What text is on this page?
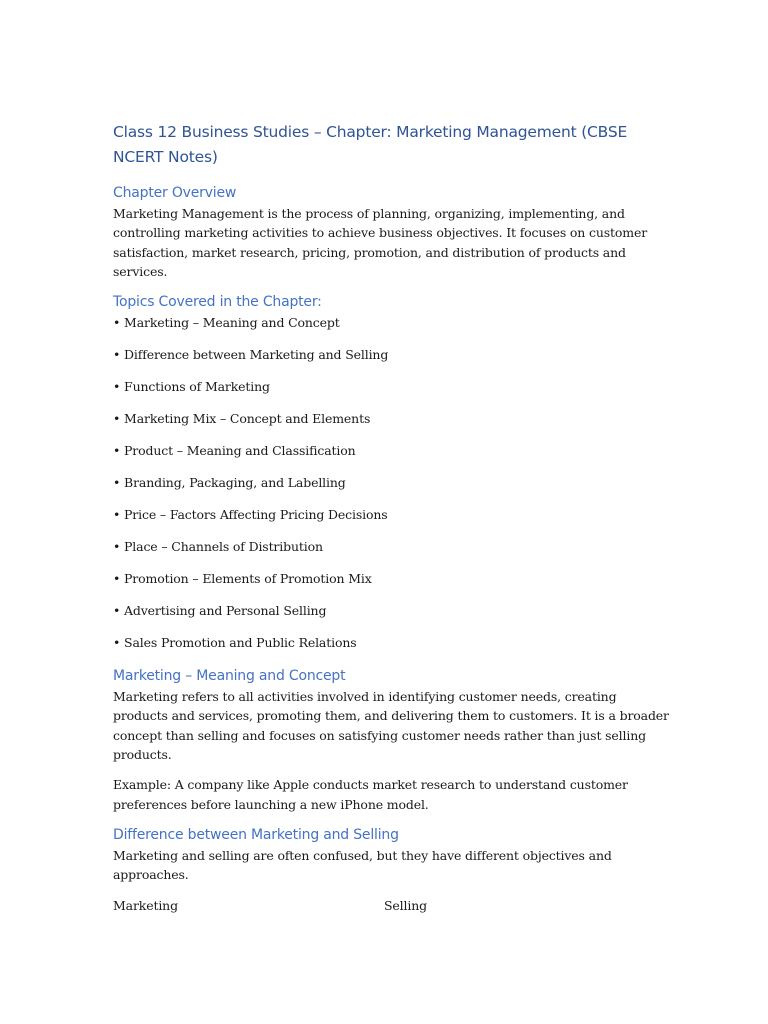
Class 12 Business Studies – Chapter: Marketing Management (CBSE NCERT Notes)
Chapter Overview

Marketing Management is the process of planning, organizing, implementing, and controlling marketing activities to achieve business objectives. It focuses on customer satisfaction, market research, pricing, promotion, and distribution of products and services.

Topics Covered in the Chapter:
• Marketing – Meaning and Concept
• Difference between Marketing and Selling
• Functions of Marketing
• Marketing Mix – Concept and Elements
• Product – Meaning and Classification
• Branding, Packaging, and Labelling
• Price – Factors Affecting Pricing Decisions
• Place – Channels of Distribution
• Promotion – Elements of Promotion Mix
• Advertising and Personal Selling
• Sales Promotion and Public Relations
Marketing – Meaning and Concept

Marketing refers to all activities involved in identifying customer needs, creating products and services, promoting them, and delivering them to customers. It is a broader concept than selling and focuses on satisfying customer needs rather than just selling products.

Example: A company like Apple conducts market research to understand customer preferences before launching a new iPhone model.

Difference between Marketing and Selling

Marketing and selling are often confused, but they have different objectives and approaches.

Marketing	Selling
